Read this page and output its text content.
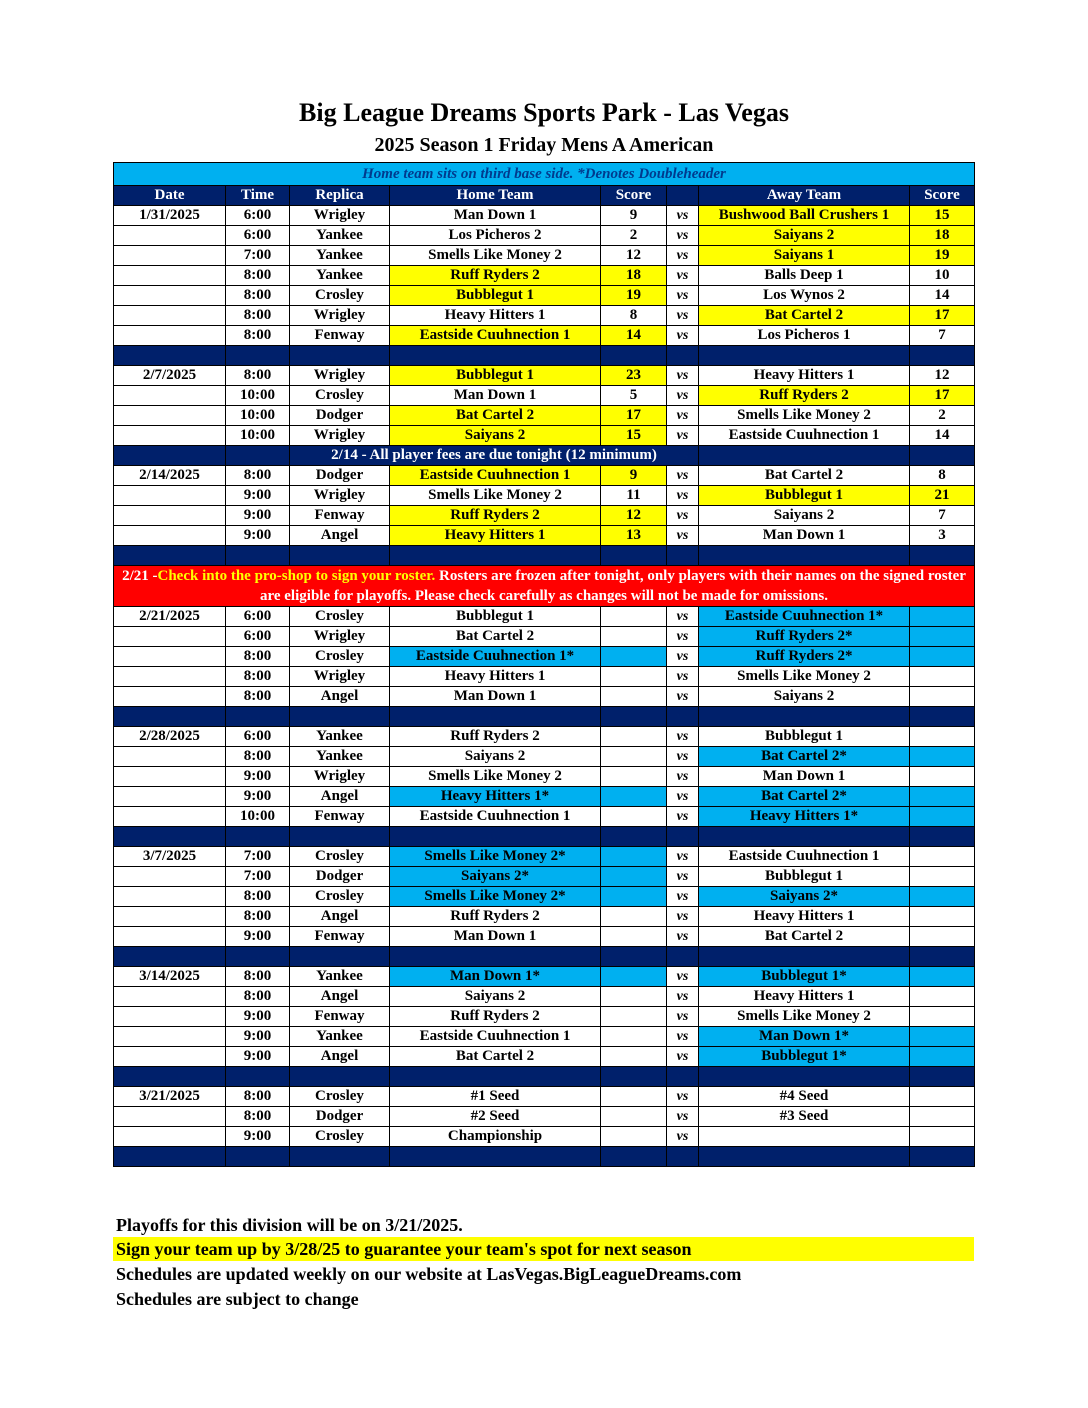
Big League Dreams Sports Park - Las Vegas
2025 Season 1 Friday Mens A American
Home team sits on third base side. *Denotes Doubleheader							
Date	Time	Replica	Home Team	Score		Away Team	Score
1/31/2025	6:00	Wrigley	Man Down 1	9	vs	Bushwood Ball Crushers 1	15
	6:00	Yankee	Los Picheros 2	2	vs	Saiyans 2	18
	7:00	Yankee	Smells Like Money 2	12	vs	Saiyans 1	19
	8:00	Yankee	Ruff Ryders 2	18	vs	Balls Deep 1	10
	8:00	Crosley	Bubblegut 1	19	vs	Los Wynos 2	14
	8:00	Wrigley	Heavy Hitters 1	8	vs	Bat Cartel 2	17
	8:00	Fenway	Eastside Cuuhnection 1	14	vs	Los Picheros 1	7

2/7/2025	8:00	Wrigley	Bubblegut 1	23	vs	Heavy Hitters 1	12
	10:00	Crosley	Man Down 1	5	vs	Ruff Ryders 2	17
	10:00	Dodger	Bat Cartel 2	17	vs	Smells Like Money 2	2
	10:00	Wrigley	Saiyans 2	15	vs	Eastside Cuuhnection 1	14
		2/14 - All player fees are due tonight (12 minimum)					
2/14/2025	8:00	Dodger	Eastside Cuuhnection 1	9	vs	Bat Cartel 2	8
	9:00	Wrigley	Smells Like Money 2	11	vs	Bubblegut 1	21
	9:00	Fenway	Ruff Ryders 2	12	vs	Saiyans 2	7
	9:00	Angel	Heavy Hitters 1	13	vs	Man Down 1	3

2/21 -Check into the pro-shop to sign your roster. Rosters are frozen after tonight, only players with their names on the signed roster are eligible for playoffs. Please check carefully as changes will not be made for omissions.							
2/21/2025	6:00	Crosley	Bubblegut 1		vs	Eastside Cuuhnection 1*	
	6:00	Wrigley	Bat Cartel 2		vs	Ruff Ryders 2*	
	8:00	Crosley	Eastside Cuuhnection 1*		vs	Ruff Ryders 2*	
	8:00	Wrigley	Heavy Hitters 1		vs	Smells Like Money 2	
	8:00	Angel	Man Down 1		vs	Saiyans 2	

2/28/2025	6:00	Yankee	Ruff Ryders 2		vs	Bubblegut 1	
	8:00	Yankee	Saiyans 2		vs	Bat Cartel 2*	
	9:00	Wrigley	Smells Like Money 2		vs	Man Down 1	
	9:00	Angel	Heavy Hitters 1*		vs	Bat Cartel 2*	
	10:00	Fenway	Eastside Cuuhnection 1		vs	Heavy Hitters 1*	

3/7/2025	7:00	Crosley	Smells Like Money 2*		vs	Eastside Cuuhnection 1	
	7:00	Dodger	Saiyans 2*		vs	Bubblegut 1	
	8:00	Crosley	Smells Like Money 2*		vs	Saiyans 2*	
	8:00	Angel	Ruff Ryders 2		vs	Heavy Hitters 1	
	9:00	Fenway	Man Down 1		vs	Bat Cartel 2	

3/14/2025	8:00	Yankee	Man Down 1*		vs	Bubblegut 1*	
	8:00	Angel	Saiyans 2		vs	Heavy Hitters 1	
	9:00	Fenway	Ruff Ryders 2		vs	Smells Like Money 2	
	9:00	Yankee	Eastside Cuuhnection 1		vs	Man Down 1*	
	9:00	Angel	Bat Cartel 2		vs	Bubblegut 1*	

3/21/2025	8:00	Crosley	#1 Seed		vs	#4 Seed	
	8:00	Dodger	#2 Seed		vs	#3 Seed	
	9:00	Crosley	Championship		vs		

Playoffs for this division will be on 3/21/2025.
Sign your team up by 3/28/25 to guarantee your team's spot for next season
Schedules are updated weekly on our website at LasVegas.BigLeagueDreams.com
Schedules are subject to change
